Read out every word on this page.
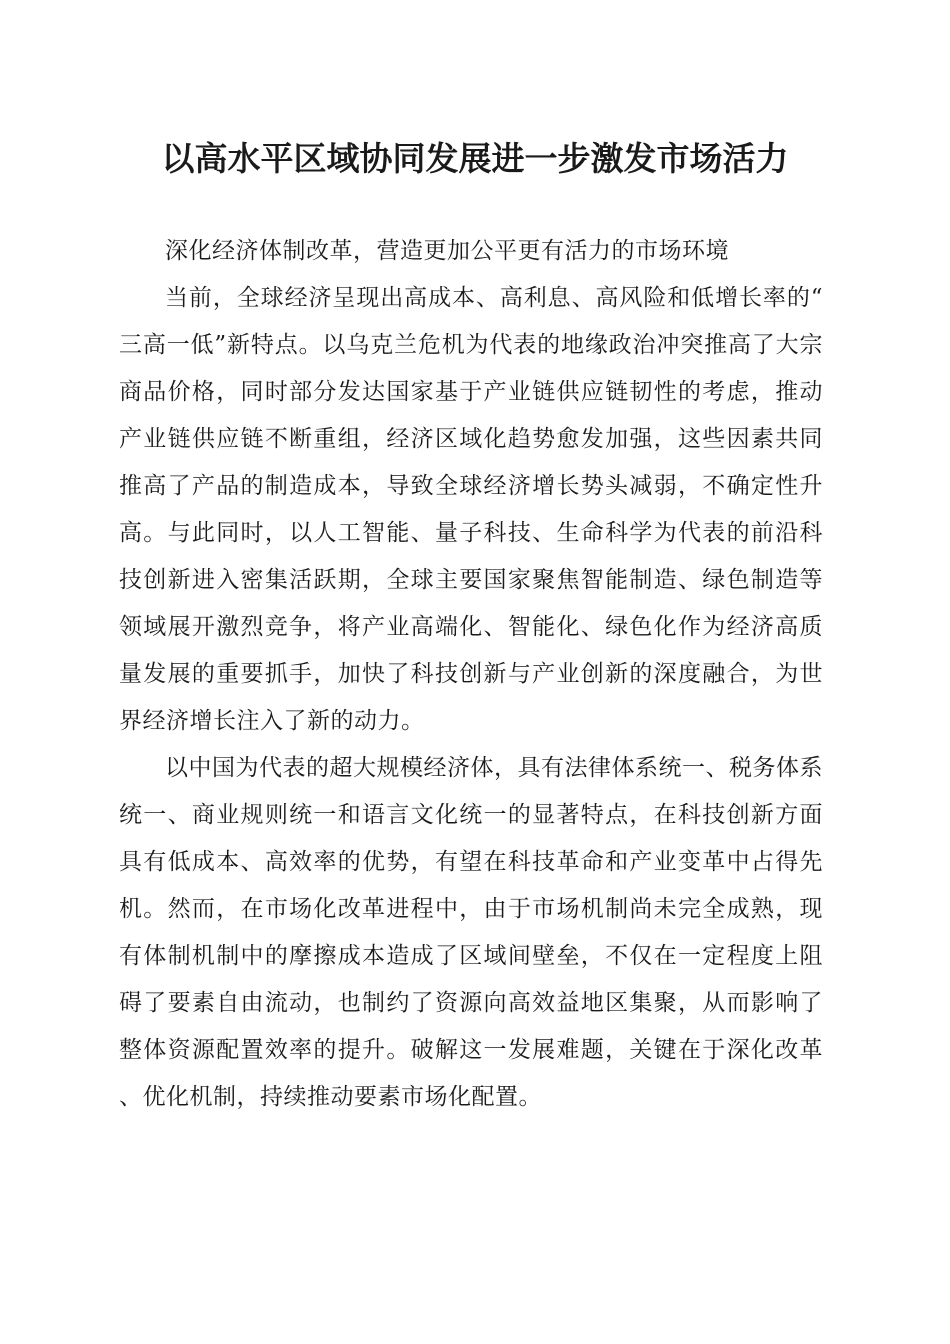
以高水平区域协同发展进一步激发市场活力

深化经济体制改革，营造更加公平更有活力的市场环境

当前，全球经济呈现出高成本、高利息、高风险和低增长率的“三高一低”新特点。以乌克兰危机为代表的地缘政治冲突推高了大宗商品价格，同时部分发达国家基于产业链供应链韧性的考虑，推动产业链供应链不断重组，经济区域化趋势愈发加强，这些因素共同推高了产品的制造成本，导致全球经济增长势头减弱，不确定性升高。与此同时，以人工智能、量子科技、生命科学为代表的前沿科技创新进入密集活跃期，全球主要国家聚焦智能制造、绿色制造等领域展开激烈竞争，将产业高端化、智能化、绿色化作为经济高质量发展的重要抓手，加快了科技创新与产业创新的深度融合，为世界经济增长注入了新的动力。

以中国为代表的超大规模经济体，具有法律体系统一、税务体系统一、商业规则统一和语言文化统一的显著特点，在科技创新方面具有低成本、高效率的优势，有望在科技革命和产业变革中占得先机。然而，在市场化改革进程中，由于市场机制尚未完全成熟，现有体制机制中的摩擦成本造成了区域间壁垒，不仅在一定程度上阻碍了要素自由流动，也制约了资源向高效益地区集聚，从而影响了整体资源配置效率的提升。破解这一发展难题，关键在于深化改革、优化机制，持续推动要素市场化配置。
